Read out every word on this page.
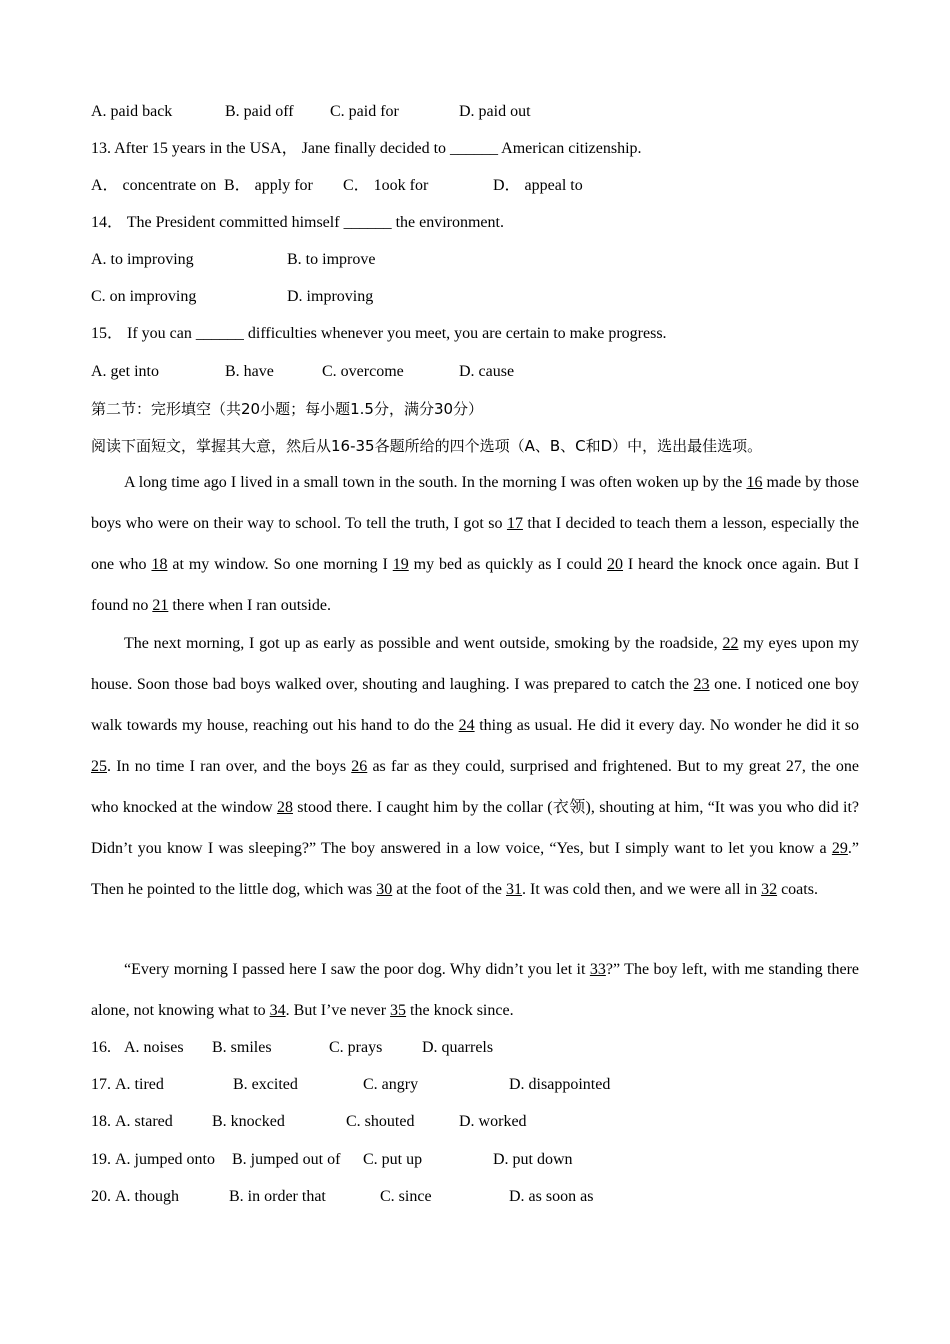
A. paid back	B. paid off C. paid for	D. paid out
13. After 15 years in the USA， Jane finally decided to ______ American citizenship.
A． concentrate on B． apply for C． 1ook for	D． appeal to
14． The President committed himself ______ the environment.
A. to improving	B. to improve
C. on improving	D. improving
15． If you can ______ difficulties whenever you meet, you are certain to make progress.
A. get into	B. have	C. overcome	D. cause
第二节：完形填空（共20小题；每小题1.5分，满分30分）
阅读下面短文，掌握其大意，然后从16-35各题所给的四个选项（A、B、C和D）中，选出最佳选项。
A long time ago I lived in a small town in the south. In the morning I was often woken up by the 16 made by those boys who were on their way to school. To tell the truth, I got so 17 that I decided to teach them a lesson, especially the one who 18 at my window. So one morning I 19 my bed as quickly as I could 20 I heard the knock once again. But I found no 21 there when I ran outside.
The next morning, I got up as early as possible and went outside, smoking by the roadside, 22 my eyes upon my house. Soon those bad boys walked over, shouting and laughing. I was prepared to catch the 23 one. I noticed one boy walk towards my house, reaching out his hand to do the 24 thing as usual. He did it every day. No wonder he did it so 25. In no time I ran over, and the boys 26 as far as they could, surprised and frightened. But to my great 27, the one who knocked at the window 28 stood there. I caught him by the collar (衣领), shouting at him, “It was you who did it? Didn’t you know I was sleeping?” The boy answered in a low voice, “Yes, but I simply want to let you know a 29.” Then he pointed to the little dog, which was 30 at the foot of the 31. It was cold then, and we were all in 32 coats.
“Every morning I passed here I saw the poor dog. Why didn’t you let it 33?” The boy left, with me standing there alone, not knowing what to 34. But I’ve never 35 the knock since.
16. A. noises B. smiles	C. prays D. quarrels
17. A. tired	B. excited	C. angry	D. disappointed
18. A. stared B. knocked	C. shouted	D. worked
19. A. jumped onto B. jumped out of C. put up	D. put down
20. A. though	B. in order that	C. since	D. as soon as
